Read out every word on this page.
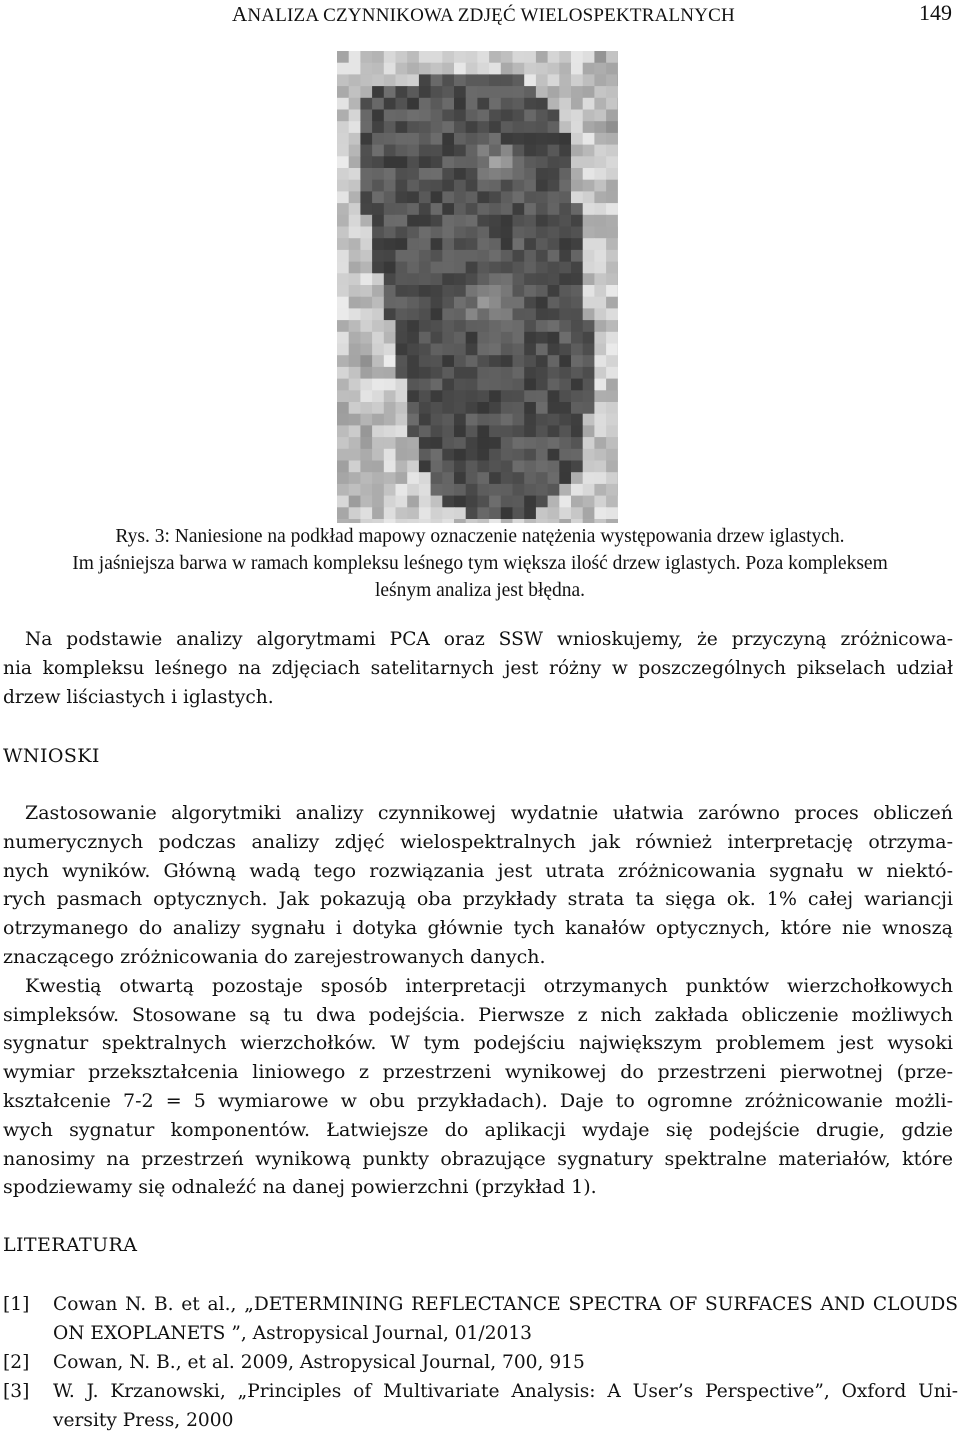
ANALIZA CZYNNIKOWA ZDJĘĆ WIELOSPEKTRALNYCH	149
Rys. 3: Naniesione na podkład mapowy oznaczenie natężenia występowania drzew iglastych.
Im jaśniejsza barwa w ramach kompleksu leśnego tym większa ilość drzew iglastych. Poza kompleksem
leśnym analiza jest błędna.
Na podstawie analizy algorytmami PCA oraz SSW wnioskujemy, że przyczyną zróżnicowa-
nia kompleksu leśnego na zdjęciach satelitarnych jest różny w poszczególnych pikselach udział
drzew liściastych i iglastych.
WNIOSKI
Zastosowanie algorytmiki analizy czynnikowej wydatnie ułatwia zarówno proces obliczeń
numerycznych podczas analizy zdjęć wielospektralnych jak również interpretację otrzyma-
nych wyników. Główną wadą tego rozwiązania jest utrata zróżnicowania sygnału w niektó-
rych pasmach optycznych. Jak pokazują oba przykłady strata ta sięga ok. 1% całej wariancji
otrzymanego do analizy sygnału i dotyka głównie tych kanałów optycznych, które nie wnoszą
znaczącego zróżnicowania do zarejestrowanych danych.
Kwestią otwartą pozostaje sposób interpretacji otrzymanych punktów wierzchołkowych
simpleksów. Stosowane są tu dwa podejścia. Pierwsze z nich zakłada obliczenie możliwych
sygnatur spektralnych wierzchołków. W tym podejściu największym problemem jest wysoki
wymiar przekształcenia liniowego z przestrzeni wynikowej do przestrzeni pierwotnej (prze-
kształcenie 7-2 = 5 wymiarowe w obu przykładach). Daje to ogromne zróżnicowanie możli-
wych sygnatur komponentów. Łatwiejsze do aplikacji wydaje się podejście drugie, gdzie
nanosimy na przestrzeń wynikową punkty obrazujące sygnatury spektralne materiałów, które
spodziewamy się odnaleźć na danej powierzchni (przykład 1).
LITERATURA
[1] Cowan N. B. et al., „DETERMINING REFLECTANCE SPECTRA OF SURFACES AND CLOUDS
ON EXOPLANETS ”, Astropysical Journal, 01/2013
[2] Cowan, N. B., et al. 2009, Astropysical Journal, 700, 915
[3] W. J. Krzanowski, „Principles of Multivariate Analysis: A User’s Perspective”, Oxford Uni-
versity Press, 2000
